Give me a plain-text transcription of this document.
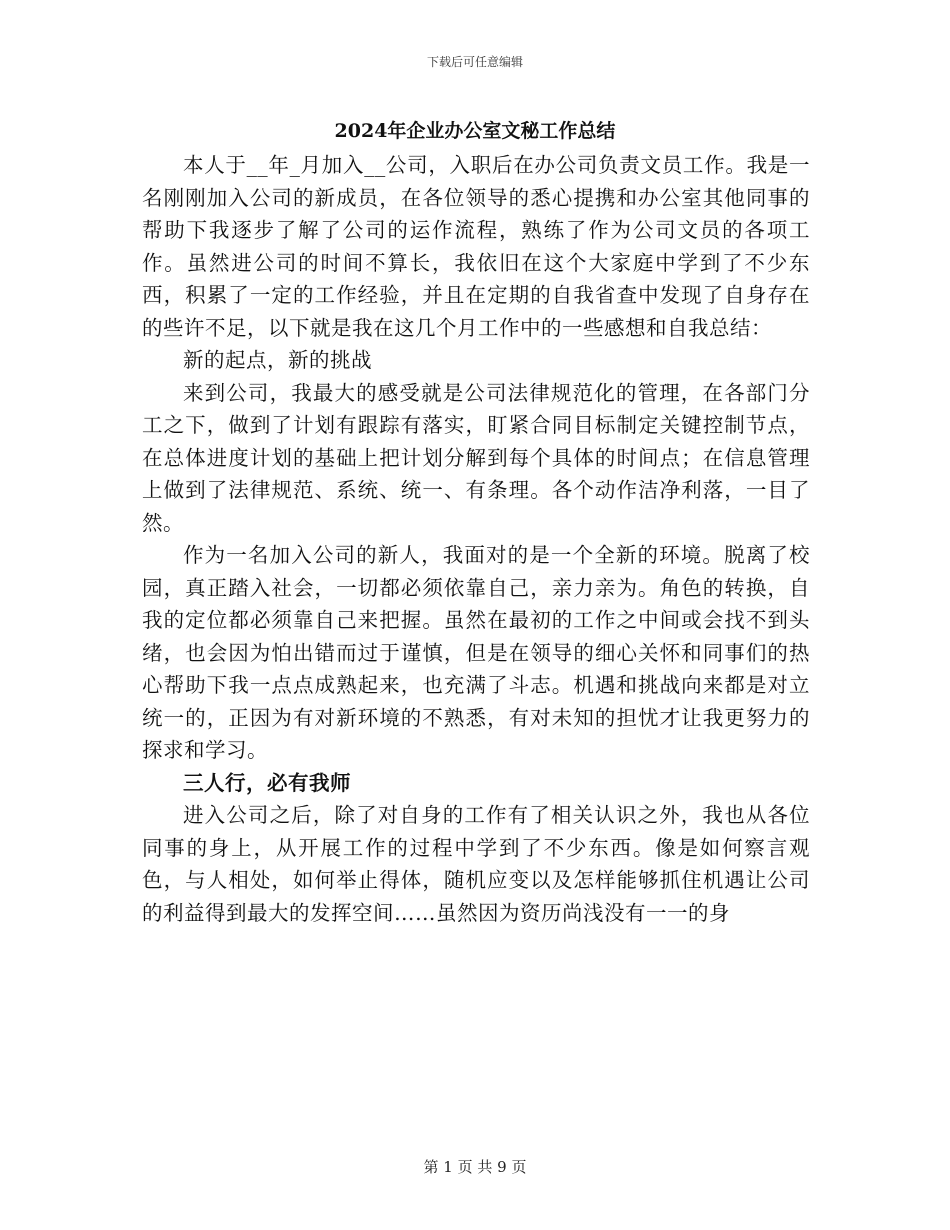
下载后可任意编辑
2024年企业办公室文秘工作总结

本人于__年_月加入__公司，入职后在办公司负责文员工作。我是一名刚刚加入公司的新成员，在各位领导的悉心提携和办公室其他同事的帮助下我逐步了解了公司的运作流程，熟练了作为公司文员的各项工作。虽然进公司的时间不算长，我依旧在这个大家庭中学到了不少东西，积累了一定的工作经验，并且在定期的自我省查中发现了自身存在的些许不足，以下就是我在这几个月工作中的一些感想和自我总结：

新的起点，新的挑战

来到公司，我最大的感受就是公司法律规范化的管理，在各部门分工之下，做到了计划有跟踪有落实，盯紧合同目标制定关键控制节点，在总体进度计划的基础上把计划分解到每个具体的时间点；在信息管理上做到了法律规范、系统、统一、有条理。各个动作洁净利落，一目了然。

作为一名加入公司的新人，我面对的是一个全新的环境。脱离了校园，真正踏入社会，一切都必须依靠自己，亲力亲为。角色的转换，自我的定位都必须靠自己来把握。虽然在最初的工作之中间或会找不到头绪，也会因为怕出错而过于谨慎，但是在领导的细心关怀和同事们的热心帮助下我一点点成熟起来，也充满了斗志。机遇和挑战向来都是对立统一的，正因为有对新环境的不熟悉，有对未知的担忧才让我更努力的探求和学习。

三人行，必有我师

进入公司之后，除了对自身的工作有了相关认识之外，我也从各位同事的身上，从开展工作的过程中学到了不少东西。像是如何察言观色，与人相处，如何举止得体，随机应变以及怎样能够抓住机遇让公司的利益得到最大的发挥空间……虽然因为资历尚浅没有一一的身

第 1 页 共 9 页
